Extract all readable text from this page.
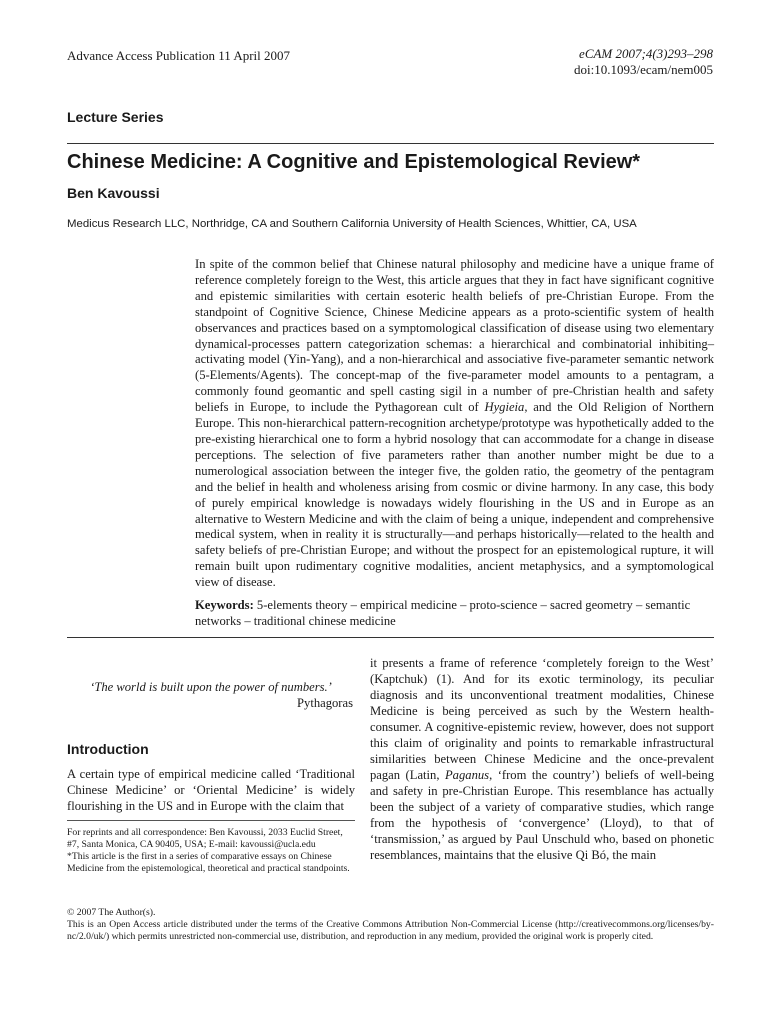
Advance Access Publication 11 April 2007	eCAM 2007;4(3)293–298
doi:10.1093/ecam/nem005
Lecture Series
Chinese Medicine: A Cognitive and Epistemological Review*
Ben Kavoussi
Medicus Research LLC, Northridge, CA and Southern California University of Health Sciences, Whittier, CA, USA
In spite of the common belief that Chinese natural philosophy and medicine have a unique frame of reference completely foreign to the West, this article argues that they in fact have significant cognitive and epistemic similarities with certain esoteric health beliefs of pre-Christian Europe. From the standpoint of Cognitive Science, Chinese Medicine appears as a proto-scientific system of health observances and practices based on a symptomological classification of disease using two elementary dynamical-processes pattern categorization schemas: a hierarchical and combinatorial inhibiting–activating model (Yin-Yang), and a non-hierarchical and associative five-parameter semantic network (5-Elements/Agents). The concept-map of the five-parameter model amounts to a pentagram, a commonly found geomantic and spell casting sigil in a number of pre-Christian health and safety beliefs in Europe, to include the Pythagorean cult of Hygieia, and the Old Religion of Northern Europe. This non-hierarchical pattern-recognition archetype/prototype was hypothetically added to the pre-existing hierarchical one to form a hybrid nosology that can accommodate for a change in disease perceptions. The selection of five parameters rather than another number might be due to a numerological association between the integer five, the golden ratio, the geometry of the pentagram and the belief in health and wholeness arising from cosmic or divine harmony. In any case, this body of purely empirical knowledge is nowadays widely flourishing in the US and in Europe as an alternative to Western Medicine and with the claim of being a unique, independent and comprehensive medical system, when in reality it is structurally—and perhaps historically—related to the health and safety beliefs of pre-Christian Europe; and without the prospect for an epistemological rupture, it will remain built upon rudimentary cognitive modalities, ancient metaphysics, and a symptomological view of disease.
Keywords: 5-elements theory – empirical medicine – proto-science – sacred geometry – semantic networks – traditional chinese medicine
‘The world is built upon the power of numbers.’
Pythagoras
Introduction
A certain type of empirical medicine called ‘Traditional Chinese Medicine’ or ‘Oriental Medicine’ is widely flourishing in the US and in Europe with the claim that
For reprints and all correspondence: Ben Kavoussi, 2033 Euclid Street, #7, Santa Monica, CA 90405, USA; E-mail: kavoussi@ucla.edu
*This article is the first in a series of comparative essays on Chinese Medicine from the epistemological, theoretical and practical standpoints.
it presents a frame of reference ‘completely foreign to the West’ (Kaptchuk) (1). And for its exotic terminology, its peculiar diagnosis and its unconventional treatment modalities, Chinese Medicine is being perceived as such by the Western health-consumer. A cognitive-epistemic review, however, does not support this claim of originality and points to remarkable infrastructural similarities between Chinese Medicine and the once-prevalent pagan (Latin, Paganus, ‘from the country’) beliefs of well-being and safety in pre-Christian Europe. This resemblance has actually been the subject of a variety of comparative studies, which range from the hypothesis of ‘convergence’ (Lloyd), to that of ‘transmission,’ as argued by Paul Unschuld who, based on phonetic resemblances, maintains that the elusive Qi Bó, the main
© 2007 The Author(s).
This is an Open Access article distributed under the terms of the Creative Commons Attribution Non-Commercial License (http://creativecommons.org/licenses/by-nc/2.0/uk/) which permits unrestricted non-commercial use, distribution, and reproduction in any medium, provided the original work is properly cited.
